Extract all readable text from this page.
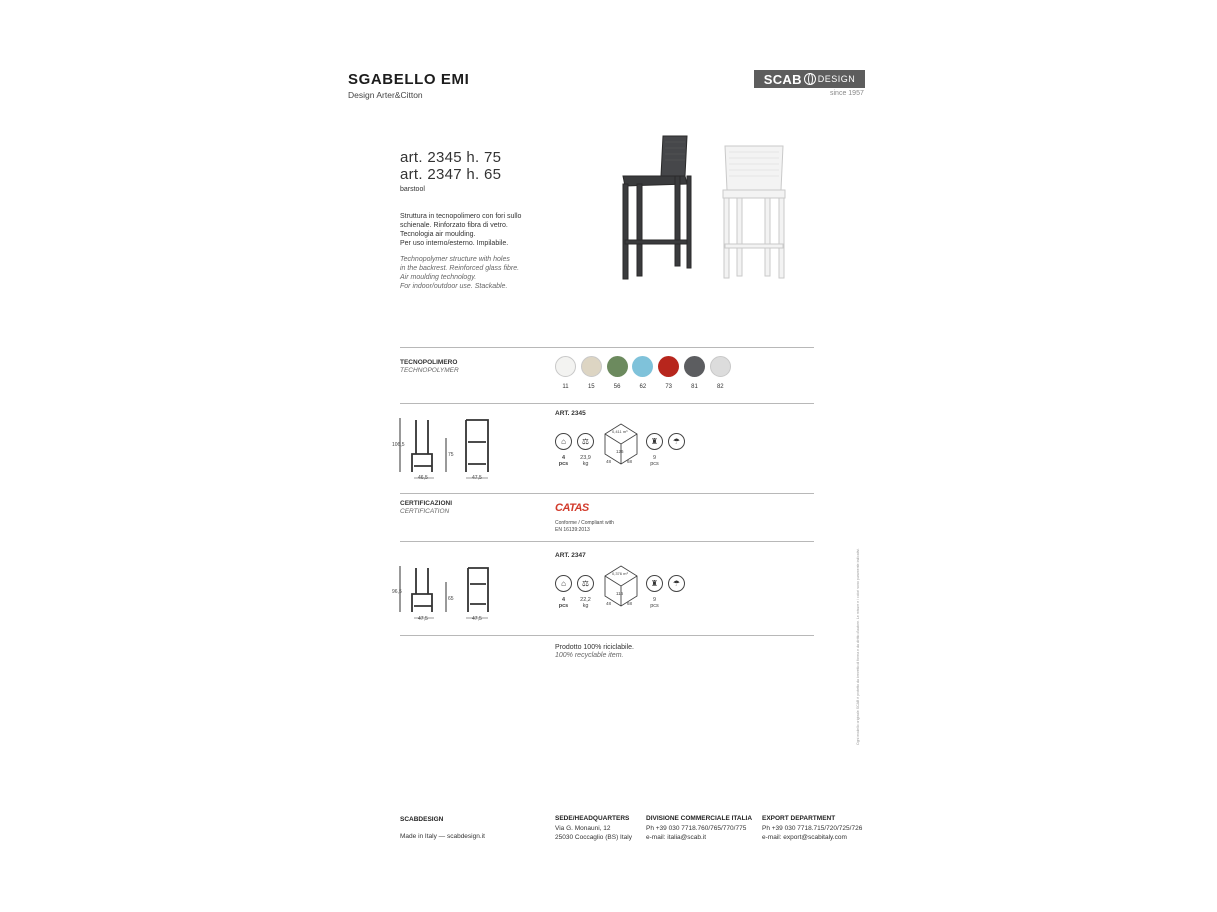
SGABELLO EMI
Design Arter&Citton
SCAB DESIGN
since 1957
art. 2345 h. 75
art. 2347 h. 65
barstool
Struttura in tecnopolimero con fori sullo
schienale. Rinforzato fibra di vetro.
Tecnologia air moulding.
Per uso interno/esterno. Impilabile.
Technopolymer structure with holes
in the backrest. Reinforced glass fibre.
Air moulding technology.
For indoor/outdoor use. Stackable.
TECNOPOLIMERO
TECHNOPOLYMER
11	15	56	62	73	81	82
106,5
75
46,5	47,5
ART. 2345
⌂	⚖
4
pcs
23,9
kg
0,411 m³
126
48	68
♜	☂
9
pcs
CERTIFICAZIONI
CERTIFICATION	CATAS
Conforme / Compliant with
EN 16139:2013
96,5
65
47,5	47,5
ART. 2347
⌂	⚖
4
pcs
22,2
kg
0,376 m³
116
48	68
♜	☂
9
pcs
Prodotto 100% riciclabile.
100% recyclable item.	Ogni modello originale SCAB è protetto da brevetto di forma e da diritto d'autore. Le misure e i colori sono puramente indicativi.
SCABDESIGN
Made in Italy — scabdesign.it
SEDE/HEADQUARTERS
Via G. Monauni, 12
25030 Coccaglio (BS) Italy
DIVISIONE COMMERCIALE ITALIA
Ph +39 030 7718.760/765/770/775
e-mail: italia@scab.it
EXPORT DEPARTMENT
Ph +39 030 7718.715/720/725/726
e-mail: export@scabitaly.com
